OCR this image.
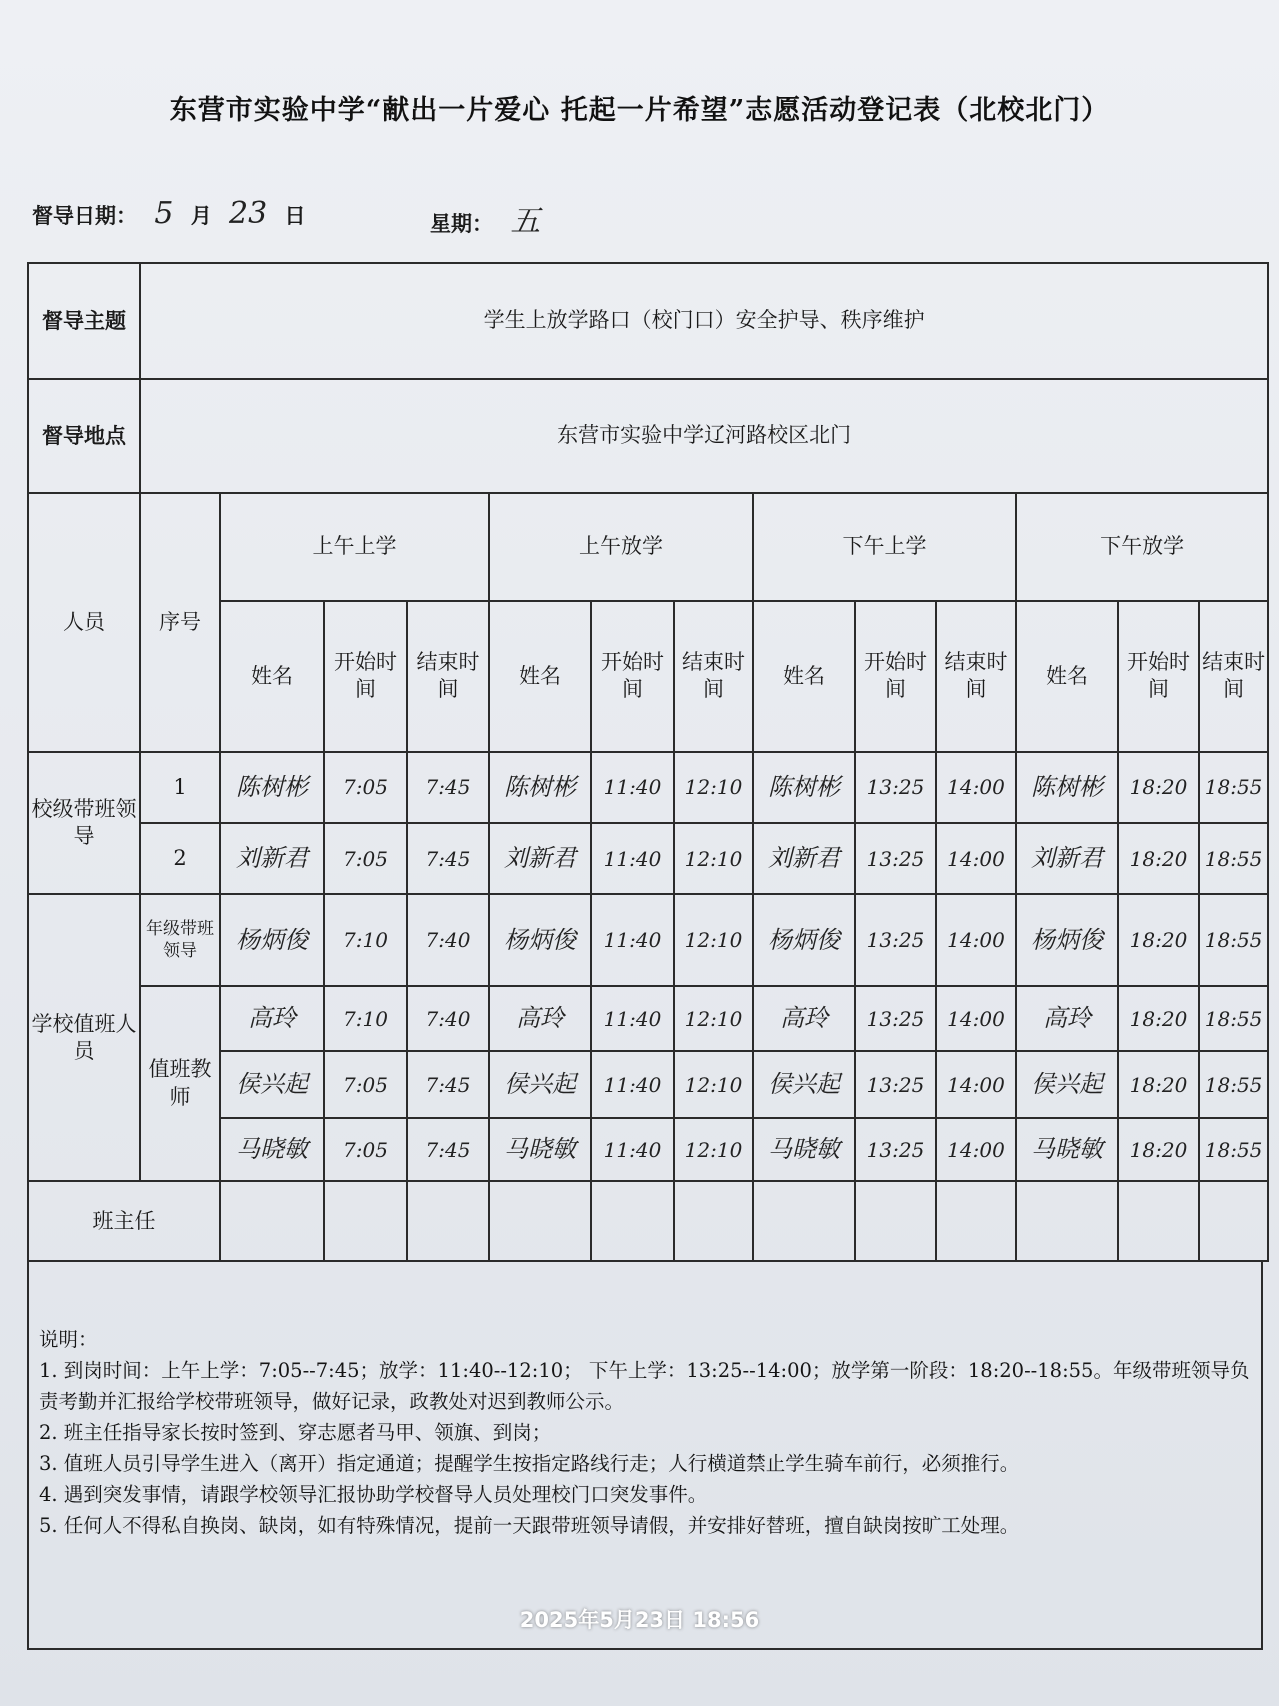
东营市实验中学“献出一片爱心 托起一片希望”志愿活动登记表（北校北门）
督导日期： 5 月 23 日	星期： 五
督导主题	学生上放学路口（校门口）安全护导、秩序维护												
督导地点	东营市实验中学辽河路校区北门												
人员	序号	上午上学			上午放学			下午上学			下午放学		
		姓名	开始时间	结束时间	姓名	开始时间	结束时间	姓名	开始时间	结束时间	姓名	开始时间	结束时间
校级带班领导	1	陈树彬	7:05	7:45	陈树彬	11:40	12:10	陈树彬	13:25	14:00	陈树彬	18:20	18:55
	2	刘新君	7:05	7:45	刘新君	11:40	12:10	刘新君	13:25	14:00	刘新君	18:20	18:55
学校值班人员	年级带班领导	杨炳俊	7:10	7:40	杨炳俊	11:40	12:10	杨炳俊	13:25	14:00	杨炳俊	18:20	18:55
	值班教师	高玲	7:10	7:40	高玲	11:40	12:10	高玲	13:25	14:00	高玲	18:20	18:55
		侯兴起	7:05	7:45	侯兴起	11:40	12:10	侯兴起	13:25	14:00	侯兴起	18:20	18:55
		马晓敏	7:05	7:45	马晓敏	11:40	12:10	马晓敏	13:25	14:00	马晓敏	18:20	18:55
班主任													
说明：
1. 到岗时间：上午上学：7:05--7:45；放学：11:40--12:10； 下午上学：13:25--14:00；放学第一阶段：18:20--18:55。年级带班领导负责考勤并汇报给学校带班领导，做好记录，政教处对迟到教师公示。
2. 班主任指导家长按时签到、穿志愿者马甲、领旗、到岗；
3. 值班人员引导学生进入（离开）指定通道；提醒学生按指定路线行走；人行横道禁止学生骑车前行，必须推行。
4. 遇到突发事情，请跟学校领导汇报协助学校督导人员处理校门口突发事件。
5. 任何人不得私自换岗、缺岗，如有特殊情况，提前一天跟带班领导请假，并安排好替班，擅自缺岗按旷工处理。
2025年5月23日 18:56
